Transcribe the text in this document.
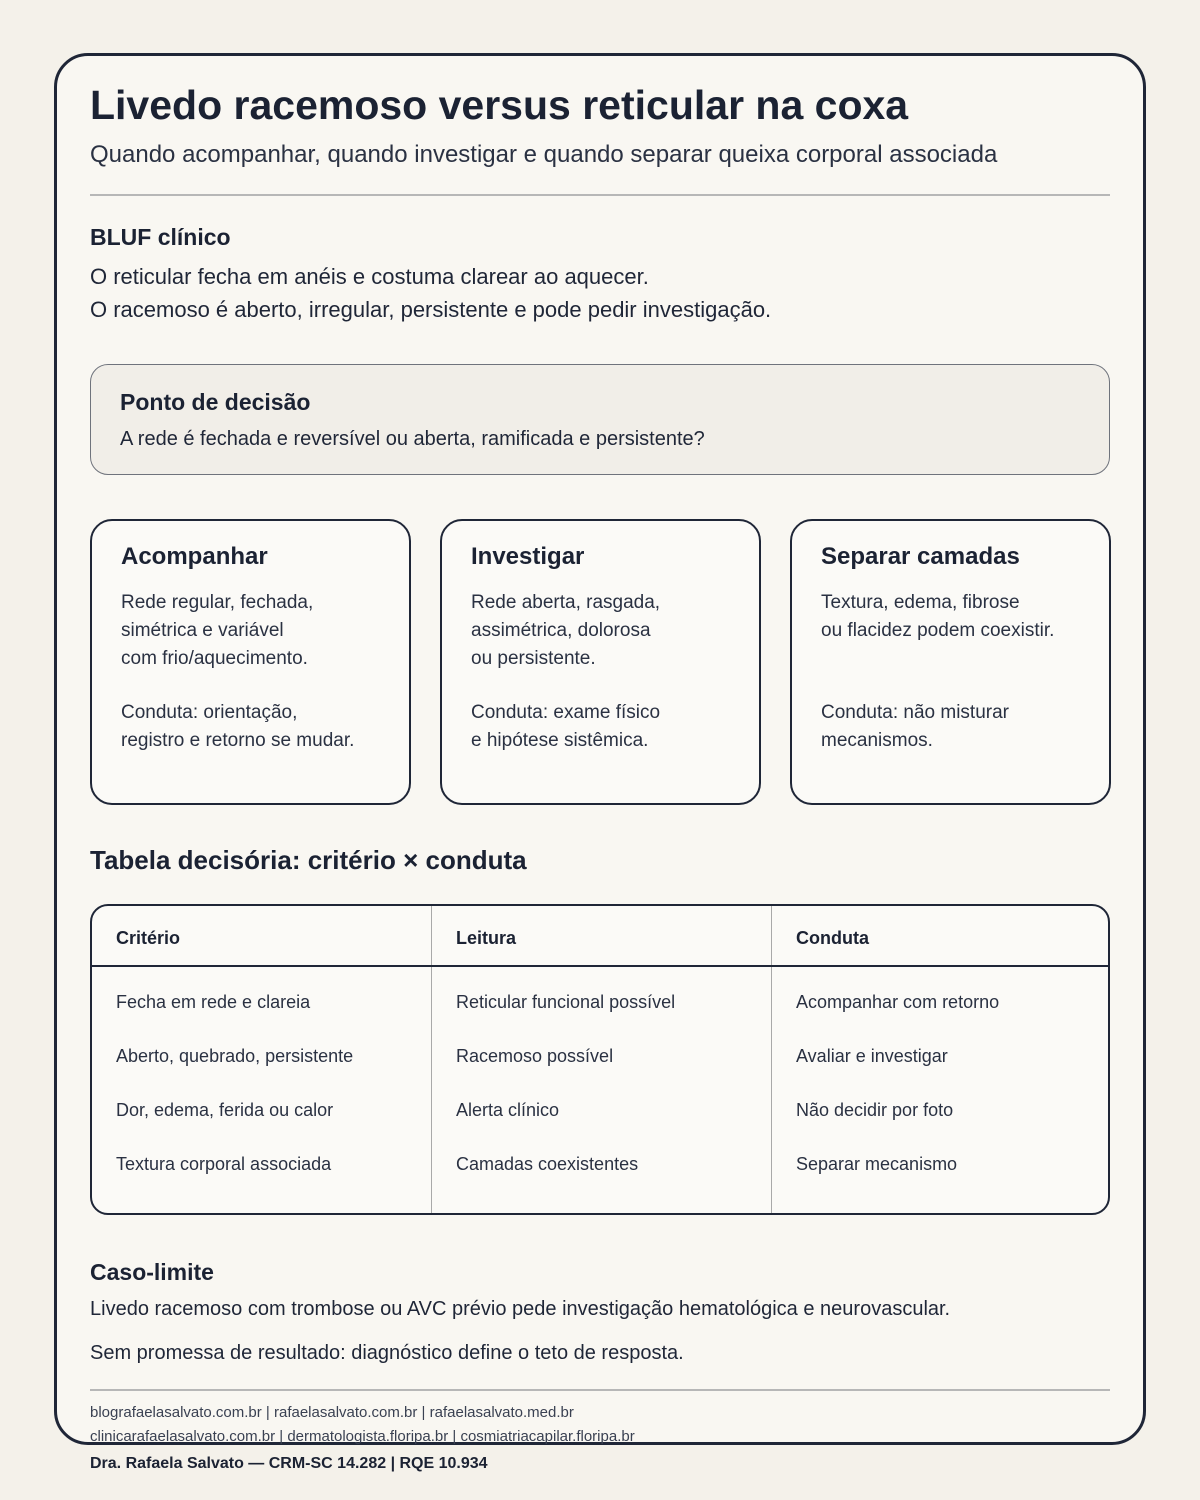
Livedo racemoso versus reticular na coxa
Quando acompanhar, quando investigar e quando separar queixa corporal associada
BLUF clínico
O reticular fecha em anéis e costuma clarear ao aquecer.
O racemoso é aberto, irregular, persistente e pode pedir investigação.
Ponto de decisão
A rede é fechada e reversível ou aberta, ramificada e persistente?
Acompanhar
Rede regular, fechada,
simétrica e variável
com frio/aquecimento.
Conduta: orientação,
registro e retorno se mudar.
Investigar
Rede aberta, rasgada,
assimétrica, dolorosa
ou persistente.
Conduta: exame físico
e hipótese sistêmica.
Separar camadas
Textura, edema, fibrose
ou flacidez podem coexistir.
Conduta: não misturar
mecanismos.
Tabela decisória: critério × conduta
Critério	Leitura	Conduta
Fecha em rede e clareia	Reticular funcional possível	Acompanhar com retorno
Aberto, quebrado, persistente	Racemoso possível	Avaliar e investigar
Dor, edema, ferida ou calor	Alerta clínico	Não decidir por foto
Textura corporal associada	Camadas coexistentes	Separar mecanismo
Caso-limite
Livedo racemoso com trombose ou AVC prévio pede investigação hematológica e neurovascular.
Sem promessa de resultado: diagnóstico define o teto de resposta.
blografaelasalvato.com.br | rafaelasalvato.com.br | rafaelasalvato.med.br
clinicarafaelasalvato.com.br | dermatologista.floripa.br | cosmiatriacapilar.floripa.br
Dra. Rafaela Salvato — CRM-SC 14.282 | RQE 10.934
